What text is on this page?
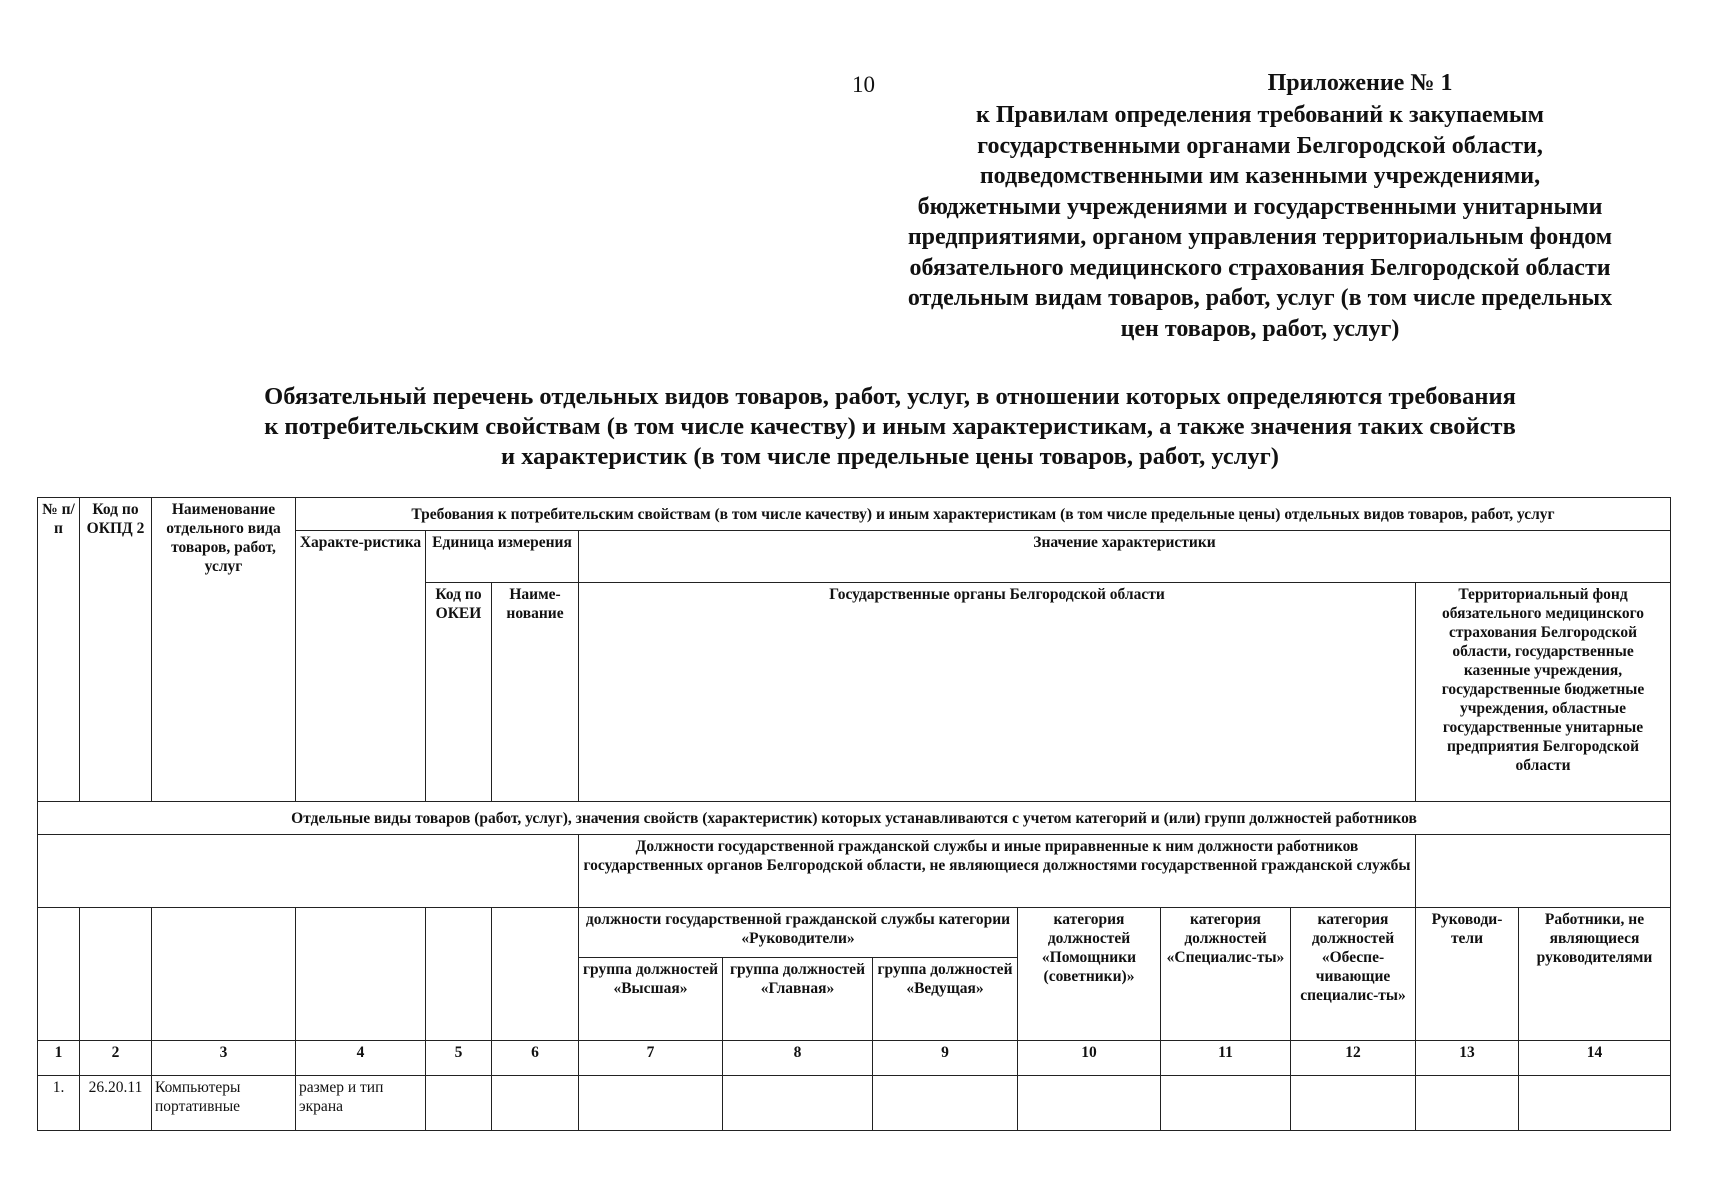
10	Приложение № 1
к Правилам определения требований к закупаемым
государственными органами Белгородской области,
подведомственными им казенными учреждениями,
бюджетными учреждениями и государственными унитарными
предприятиями, органом управления территориальным фондом
обязательного медицинского страхования Белгородской области
отдельным видам товаров, работ, услуг (в том числе предельных
цен товаров, работ, услуг)
Обязательный перечень отдельных видов товаров, работ, услуг, в отношении которых определяются требования
к потребительским свойствам (в том числе качеству) и иным характеристикам, а также значения таких свойств
и характеристик (в том числе предельные цены товаров, работ, услуг)
№ п/п	Код по ОКПД 2	Наименование отдельного вида товаров, работ, услуг	Требования к потребительским свойствам (в том числе качеству) и иным характеристикам (в том числе предельные цены) отдельных видов товаров, работ, услуг										
			Характе-ристика	Единица измерения		Значение характеристики							
				Код по ОКЕИ	Наиме-нование	Государственные органы Белгородской области						Территориальный фонд обязательного медицинского страхования Белгородской области, государственные казенные учреждения, государственные бюджетные учреждения, областные государственные унитарные предприятия Белгородской области	
Отдельные виды товаров (работ, услуг), значения свойств (характеристик) которых устанавливаются с учетом категорий и (или) групп должностей работников													
						Должности государственной гражданской службы и иные приравненные к ним должности работников государственных органов Белгородской области, не являющиеся должностями государственной гражданской службы							
						должности государственной гражданской службы категории «Руководители»			категория должностей «Помощники (советники)»	категория должностей «Специалис-ты»	категория должностей «Обеспе-чивающие специалис-ты»	Руководи-тели	Работники, не являющиеся руководителями
						группа должностей «Высшая»	группа должностей «Главная»	группа должностей «Ведущая»					
1	2	3	4	5	6	7	8	9	10	11	12	13	14
1.	26.20.11	Компьютеры портативные	размер и тип экрана										
